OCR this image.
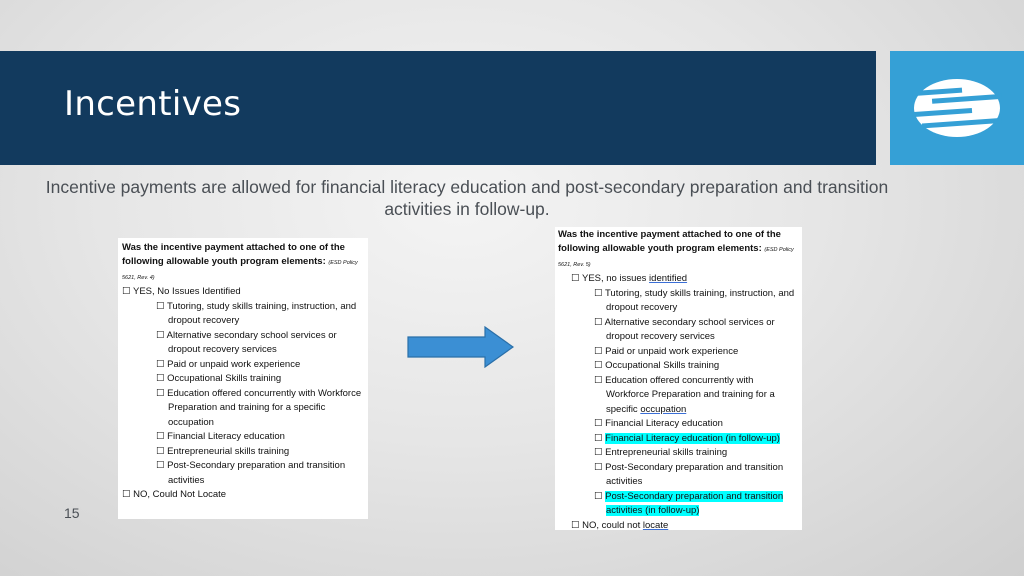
Incentives
Incentive payments are allowed for financial literacy education and post-secondary preparation and transition activities in follow-up.
Was the incentive payment attached to one of the following allowable youth program elements: (ESD Policy 5621, Rev. 4)
☐ YES, No Issues Identified
☐ Tutoring, study skills training, instruction, and dropout recovery
☐ Alternative secondary school services or dropout recovery services
☐ Paid or unpaid work experience
☐ Occupational Skills training
☐ Education offered concurrently with Workforce Preparation and training for a specific occupation
☐ Financial Literacy education
☐ Entrepreneurial skills training
☐ Post-Secondary preparation and transition activities
☐ NO, Could Not Locate
Was the incentive payment attached to one of the following allowable youth program elements: (ESD Policy 5621, Rev. 5)
☐ YES, no issues identified
☐ Tutoring, study skills training, instruction, and dropout recovery
☐ Alternative secondary school services or dropout recovery services
☐ Paid or unpaid work experience
☐ Occupational Skills training
☐ Education offered concurrently with Workforce Preparation and training for a specific occupation
☐ Financial Literacy education
☐ Financial Literacy education (in follow-up)
☐ Entrepreneurial skills training
☐ Post-Secondary preparation and transition activities
☐ Post-Secondary preparation and transition activities (in follow-up)
☐ NO, could not locate
15
